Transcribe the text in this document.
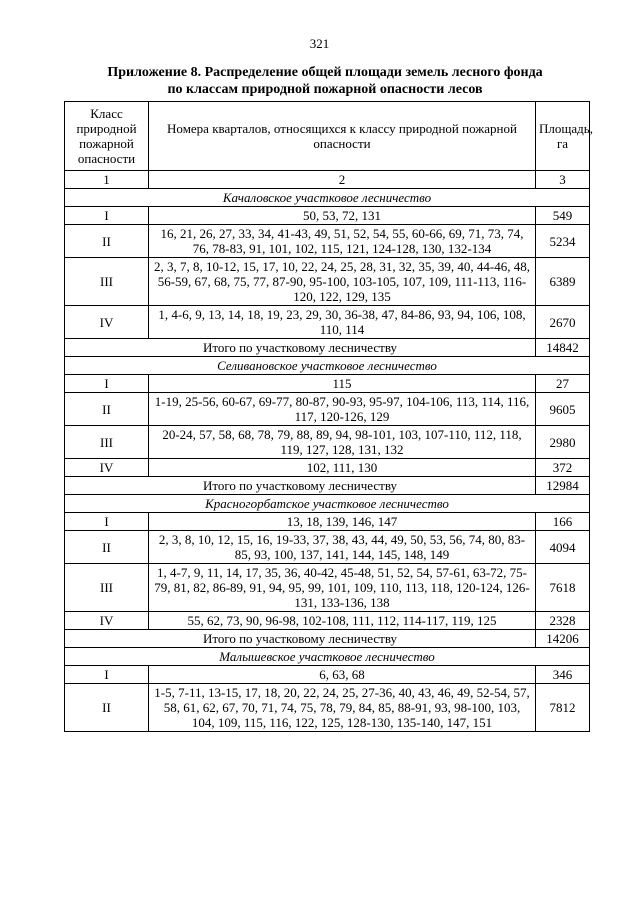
321
Приложение 8. Распределение общей площади земель лесного фонда
по классам природной пожарной опасности лесов
Класс природной пожарной опасности	Номера кварталов, относящихся к классу природной пожарной опасности	Площадь, га
1	2	3
Качаловское участковое лесничество		
I	50, 53, 72, 131	549
II	16, 21, 26, 27, 33, 34, 41-43, 49, 51, 52, 54, 55, 60-66, 69, 71, 73, 74, 76, 78-83, 91, 101, 102, 115, 121, 124-128, 130, 132-134	5234
III	2, 3, 7, 8, 10-12, 15, 17, 10, 22, 24, 25, 28, 31, 32, 35, 39, 40, 44-46, 48, 56-59, 67, 68, 75, 77, 87-90, 95-100, 103-105, 107, 109, 111-113, 116-120, 122, 129, 135	6389
IV	1, 4-6, 9, 13, 14, 18, 19, 23, 29, 30, 36-38, 47, 84-86, 93, 94, 106, 108, 110, 114	2670
Итого по участковому лесничеству		14842
Селивановское участковое лесничество		
I	115	27
II	1-19, 25-56, 60-67, 69-77, 80-87, 90-93, 95-97, 104-106, 113, 114, 116, 117, 120-126, 129	9605
III	20-24, 57, 58, 68, 78, 79, 88, 89, 94, 98-101, 103, 107-110, 112, 118, 119, 127, 128, 131, 132	2980
IV	102, 111, 130	372
Итого по участковому лесничеству		12984
Красногорбатское участковое лесничество		
I	13, 18, 139, 146, 147	166
II	2, 3, 8, 10, 12, 15, 16, 19-33, 37, 38, 43, 44, 49, 50, 53, 56, 74, 80, 83-85, 93, 100, 137, 141, 144, 145, 148, 149	4094
III	1, 4-7, 9, 11, 14, 17, 35, 36, 40-42, 45-48, 51, 52, 54, 57-61, 63-72, 75-79, 81, 82, 86-89, 91, 94, 95, 99, 101, 109, 110, 113, 118, 120-124, 126-131, 133-136, 138	7618
IV	55, 62, 73, 90, 96-98, 102-108, 111, 112, 114-117, 119, 125	2328
Итого по участковому лесничеству		14206
Малышевское участковое лесничество		
I	6, 63, 68	346
II	1-5, 7-11, 13-15, 17, 18, 20, 22, 24, 25, 27-36, 40, 43, 46, 49, 52-54, 57, 58, 61, 62, 67, 70, 71, 74, 75, 78, 79, 84, 85, 88-91, 93, 98-100, 103, 104, 109, 115, 116, 122, 125, 128-130, 135-140, 147, 151	7812
